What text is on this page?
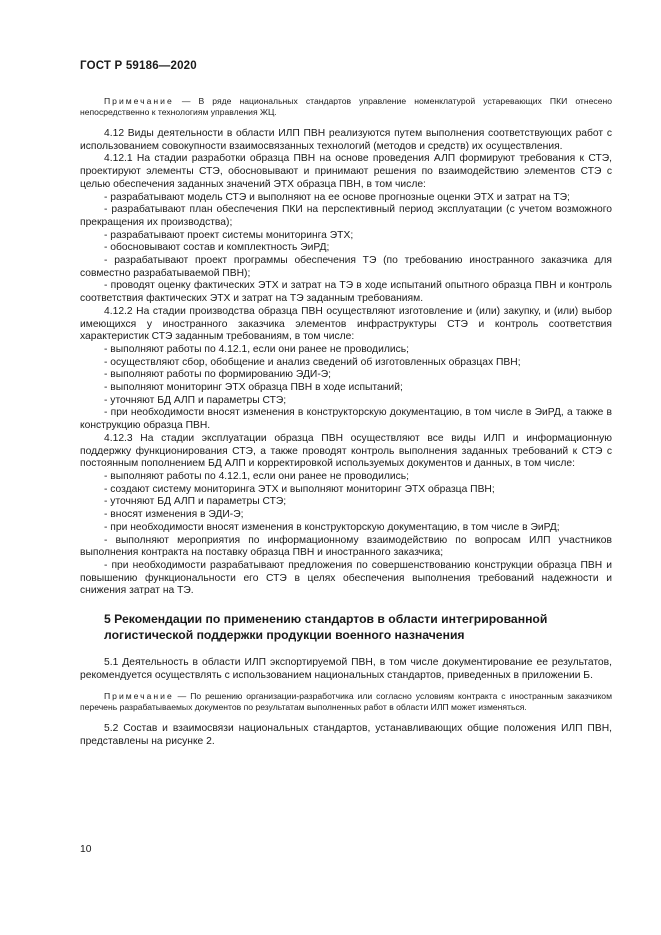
ГОСТ Р 59186—2020

Примечание — В ряде национальных стандартов управление номенклатурой устаревающих ПКИ отнесено непосредственно к технологиям управления ЖЦ.

4.12 Виды деятельности в области ИЛП ПВН реализуются путем выполнения соответствующих работ с использованием совокупности взаимосвязанных технологий (методов и средств) их осуществления.

4.12.1 На стадии разработки образца ПВН на основе проведения АЛП формируют требования к СТЭ, проектируют элементы СТЭ, обосновывают и принимают решения по взаимодействию элементов СТЭ с целью обеспечения заданных значений ЭТХ образца ПВН, в том числе:

- разрабатывают модель СТЭ и выполняют на ее основе прогнозные оценки ЭТХ и затрат на ТЭ;

- разрабатывают план обеспечения ПКИ на перспективный период эксплуатации (с учетом возможного прекращения их производства);

- разрабатывают проект системы мониторинга ЭТХ;

- обосновывают состав и комплектность ЭиРД;

- разрабатывают проект программы обеспечения ТЭ (по требованию иностранного заказчика для совместно разрабатываемой ПВН);

- проводят оценку фактических ЭТХ и затрат на ТЭ в ходе испытаний опытного образца ПВН и контроль соответствия фактических ЭТХ и затрат на ТЭ заданным требованиям.

4.12.2 На стадии производства образца ПВН осуществляют изготовление и (или) закупку, и (или) выбор имеющихся у иностранного заказчика элементов инфраструктуры СТЭ и контроль соответствия характеристик СТЭ заданным требованиям, в том числе:

- выполняют работы по 4.12.1, если они ранее не проводились;

- осуществляют сбор, обобщение и анализ сведений об изготовленных образцах ПВН;

- выполняют работы по формированию ЭДИ-Э;

- выполняют мониторинг ЭТХ образца ПВН в ходе испытаний;

- уточняют БД АЛП и параметры СТЭ;

- при необходимости вносят изменения в конструкторскую документацию, в том числе в ЭиРД, а также в конструкцию образца ПВН.

4.12.3 На стадии эксплуатации образца ПВН осуществляют все виды ИЛП и информационную поддержку функционирования СТЭ, а также проводят контроль выполнения заданных требований к СТЭ с постоянным пополнением БД АЛП и корректировкой используемых документов и данных, в том числе:

- выполняют работы по 4.12.1, если они ранее не проводились;

- создают систему мониторинга ЭТХ и выполняют мониторинг ЭТХ образца ПВН;

- уточняют БД АЛП и параметры СТЭ;

- вносят изменения в ЭДИ-Э;

- при необходимости вносят изменения в конструкторскую документацию, в том числе в ЭиРД;

- выполняют мероприятия по информационному взаимодействию по вопросам ИЛП участников выполнения контракта на поставку образца ПВН и иностранного заказчика;

- при необходимости разрабатывают предложения по совершенствованию конструкции образца ПВН и повышению функциональности его СТЭ в целях обеспечения выполнения требований надежности и снижения затрат на ТЭ.

5 Рекомендации по применению стандартов в области интегрированной логистической поддержки продукции военного назначения

5.1 Деятельность в области ИЛП экспортируемой ПВН, в том числе документирование ее результатов, рекомендуется осуществлять с использованием национальных стандартов, приведенных в приложении Б.

Примечание — По решению организации-разработчика или согласно условиям контракта с иностранным заказчиком перечень разрабатываемых документов по результатам выполненных работ в области ИЛП может изменяться.

5.2 Состав и взаимосвязи национальных стандартов, устанавливающих общие положения ИЛП ПВН, представлены на рисунке 2.

10
